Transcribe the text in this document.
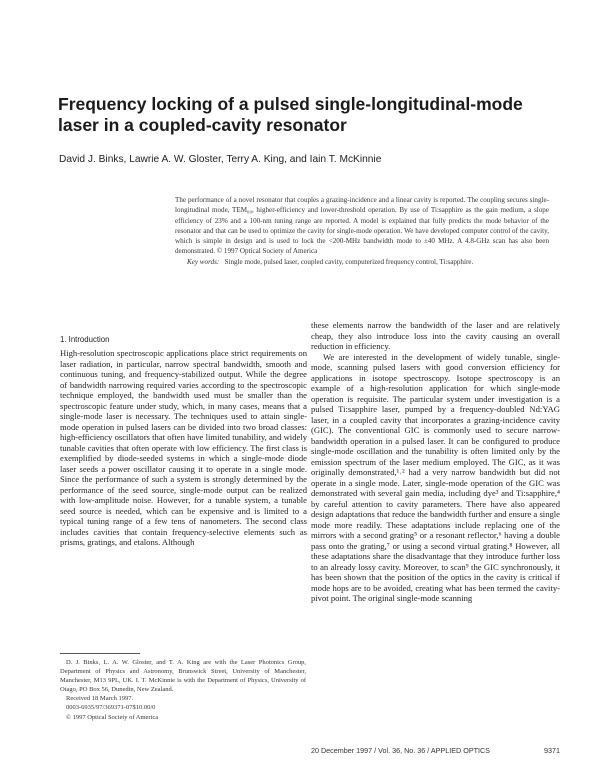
Frequency locking of a pulsed single-longitudinal-mode laser in a coupled-cavity resonator
David J. Binks, Lawrie A. W. Gloster, Terry A. King, and Iain T. McKinnie

The performance of a novel resonator that couples a grazing-incidence and a linear cavity is reported. The coupling secures single-longitudinal mode, TEM₀₀, higher-efficiency and lower-threshold operation. By use of Ti:sapphire as the gain medium, a slope efficiency of 23% and a 100-nm tuning range are reported. A model is explained that fully predicts the mode behavior of the resonator and that can be used to optimize the cavity for single-mode operation. We have developed computer control of the cavity, which is simple in design and is used to lock the <200-MHz bandwidth mode to ±40 MHz. A 4.8-GHz scan has also been demonstrated. © 1997 Optical Society of America

Key words: Single mode, pulsed laser, coupled cavity, computerized frequency control, Ti:sapphire.

1. Introduction

High-resolution spectroscopic applications place strict requirements on laser radiation, in particular, narrow spectral bandwidth, smooth and continuous tuning, and frequency-stabilized output. While the degree of bandwidth narrowing required varies according to the spectroscopic technique employed, the bandwidth used must be smaller than the spectroscopic feature under study, which, in many cases, means that a single-mode laser is necessary. The techniques used to attain single-mode operation in pulsed lasers can be divided into two broad classes: high-efficiency oscillators that often have limited tunability, and widely tunable cavities that often operate with low efficiency. The first class is exemplified by diode-seeded systems in which a single-mode diode laser seeds a power oscillator causing it to operate in a single mode. Since the performance of such a system is strongly determined by the performance of the seed source, single-mode output can be realized with low-amplitude noise. However, for a tunable system, a tunable seed source is needed, which can be expensive and is limited to a typical tuning range of a few tens of nanometers. The second class includes cavities that contain frequency-selective elements such as prisms, gratings, and etalons. Although

these elements narrow the bandwidth of the laser and are relatively cheap, they also introduce loss into the cavity causing an overall reduction in efficiency.

We are interested in the development of widely tunable, single-mode, scanning pulsed lasers with good conversion efficiency for applications in isotope spectroscopy. Isotope spectroscopy is an example of a high-resolution application for which single-mode operation is requisite. The particular system under investigation is a pulsed Ti:sapphire laser, pumped by a frequency-doubled Nd:YAG laser, in a coupled cavity that incorporates a grazing-incidence cavity (GIC). The conventional GIC is commonly used to secure narrow-bandwidth operation in a pulsed laser. It can be configured to produce single-mode oscillation and the tunability is often limited only by the emission spectrum of the laser medium employed. The GIC, as it was originally demonstrated,¹˒² had a very narrow bandwidth but did not operate in a single mode. Later, single-mode operation of the GIC was demonstrated with several gain media, including dye³ and Ti:sapphire,⁴ by careful attention to cavity parameters. There have also appeared design adaptations that reduce the bandwidth further and ensure a single mode more readily. These adaptations include replacing one of the mirrors with a second grating⁵ or a resonant reflector,⁶ having a double pass onto the grating,⁷ or using a second virtual grating.⁸ However, all these adaptations share the disadvantage that they introduce further loss to an already lossy cavity. Moreover, to scan⁹ the GIC synchronously, it has been shown that the position of the optics in the cavity is critical if mode hops are to be avoided, creating what has been termed the cavity-pivot point. The original single-mode scanning

D. J. Binks, L. A. W. Gloster, and T. A. King are with the Laser Photonics Group, Department of Physics and Astronomy, Brunswick Street, University of Manchester, Manchester, M13 9PL, UK. I. T. McKinnie is with the Department of Physics, University of Otago, PO Box 56, Dunedin, New Zealand.

Received 18 March 1997.

0003-6935/97/369371-07$10.00/0

© 1997 Optical Society of America

20 December 1997 / Vol. 36, No. 36 / APPLIED OPTICS	9371
